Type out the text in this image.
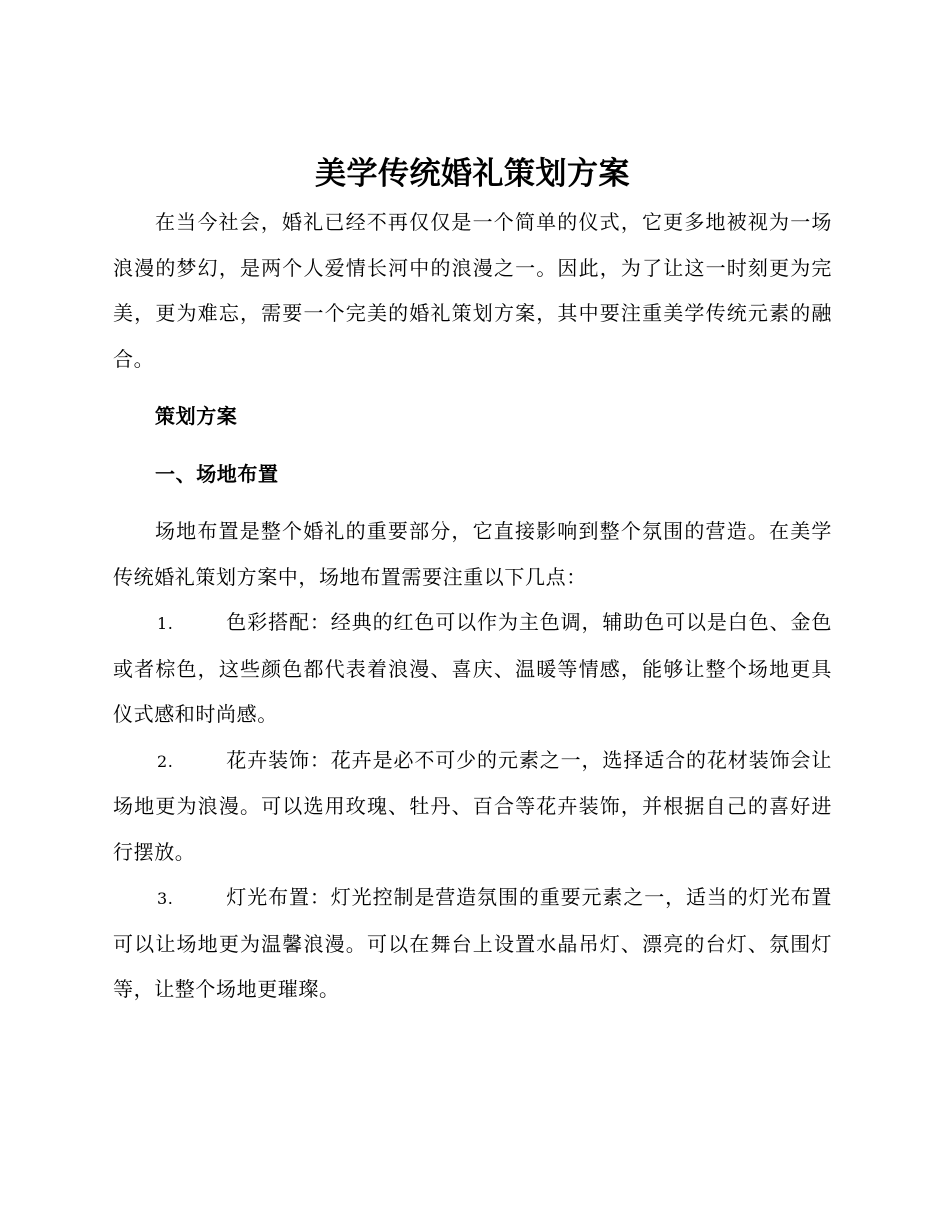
美学传统婚礼策划方案

在当今社会，婚礼已经不再仅仅是一个简单的仪式，它更多地被视为一场浪漫的梦幻，是两个人爱情长河中的浪漫之一。因此，为了让这一时刻更为完美，更为难忘，需要一个完美的婚礼策划方案，其中要注重美学传统元素的融合。

策划方案

一、场地布置

场地布置是整个婚礼的重要部分，它直接影响到整个氛围的营造。在美学传统婚礼策划方案中，场地布置需要注重以下几点：

1.	色彩搭配：经典的红色可以作为主色调，辅助色可以是白色、金色或者棕色，这些颜色都代表着浪漫、喜庆、温暖等情感，能够让整个场地更具仪式感和时尚感。

2.	花卉装饰：花卉是必不可少的元素之一，选择适合的花材装饰会让场地更为浪漫。可以选用玫瑰、牡丹、百合等花卉装饰，并根据自己的喜好进行摆放。

3.	灯光布置：灯光控制是营造氛围的重要元素之一，适当的灯光布置可以让场地更为温馨浪漫。可以在舞台上设置水晶吊灯、漂亮的台灯、氛围灯等，让整个场地更璀璨。
